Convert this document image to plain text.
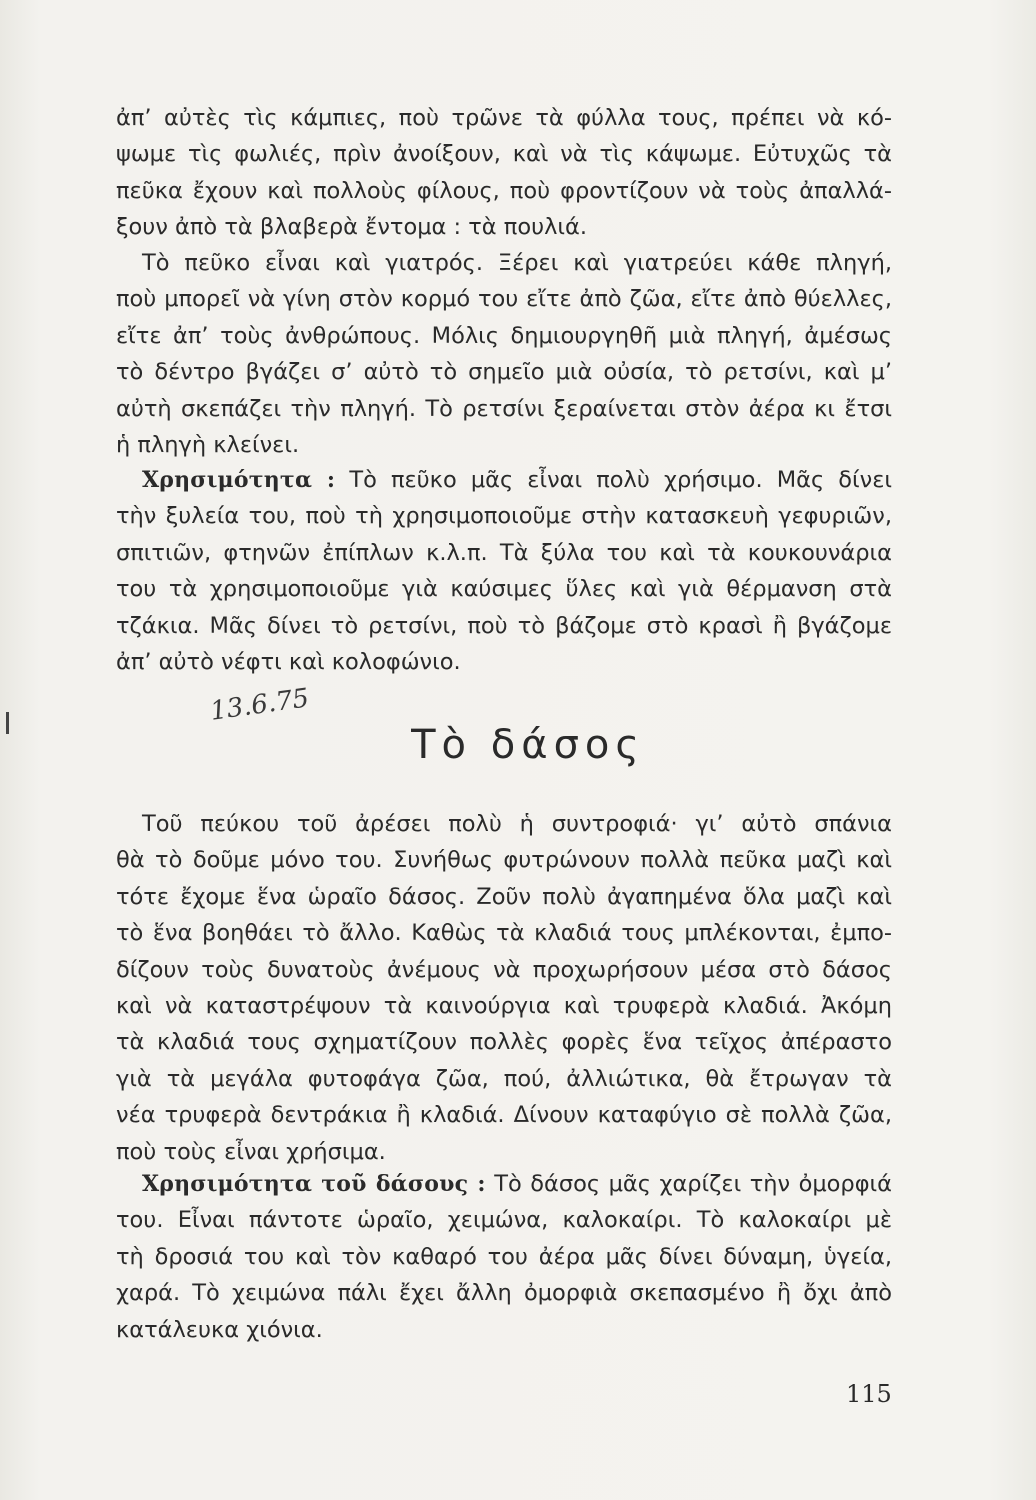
ἀπ’ αὐτὲς τὶς κάμπιες, ποὺ τρῶνε τὰ φύλλα τους, πρέπει νὰ κό-
ψωμε τὶς φωλιές, πρὶν ἀνοίξουν, καὶ νὰ τὶς κάψωμε. Εὐτυχῶς τὰ
πεῦκα ἔχουν καὶ πολλοὺς φίλους, ποὺ φροντίζουν νὰ τοὺς ἀπαλλά-
ξουν ἀπὸ τὰ βλαβερὰ ἔντομα : τὰ πουλιά.
Τὸ πεῦκο εἶναι καὶ γιατρός. Ξέρει καὶ γιατρεύει κάθε πληγή,
ποὺ μπορεῖ νὰ γίνη στὸν κορμό του εἴτε ἀπὸ ζῶα, εἴτε ἀπὸ θύελλες,
εἴτε ἀπ’ τοὺς ἀνθρώπους. Μόλις δημιουργηθῆ μιὰ πληγή, ἀμέσως
τὸ δέντρο βγάζει σ’ αὐτὸ τὸ σημεῖο μιὰ οὐσία, τὸ ρετσίνι, καὶ μ’
αὐτὴ σκεπάζει τὴν πληγή. Τὸ ρετσίνι ξεραίνεται στὸν ἀέρα κι ἔτσι
ἡ πληγὴ κλείνει.
Χρησιμότητα : Τὸ πεῦκο μᾶς εἶναι πολὺ χρήσιμο. Μᾶς δίνει
τὴν ξυλεία του, ποὺ τὴ χρησιμοποιοῦμε στὴν κατασκευὴ γεφυριῶν,
σπιτιῶν, φτηνῶν ἐπίπλων κ.λ.π. Τὰ ξύλα του καὶ τὰ κουκουνάρια
του τὰ χρησιμοποιοῦμε γιὰ καύσιμες ὕλες καὶ γιὰ θέρμανση στὰ
τζάκια. Μᾶς δίνει τὸ ρετσίνι, ποὺ τὸ βάζομε στὸ κρασὶ ἢ βγάζομε
ἀπ’ αὐτὸ νέφτι καὶ κολοφώνιο.
13.6.75
Τὸ δάσος
Τοῦ πεύκου τοῦ ἀρέσει πολὺ ἡ συντροφιά· γι’ αὐτὸ σπάνια
θὰ τὸ δοῦμε μόνο του. Συνήθως φυτρώνουν πολλὰ πεῦκα μαζὶ καὶ
τότε ἔχομε ἕνα ὡραῖο δάσος. Ζοῦν πολὺ ἀγαπημένα ὅλα μαζὶ καὶ
τὸ ἕνα βοηθάει τὸ ἄλλο. Καθὼς τὰ κλαδιά τους μπλέκονται, ἐμπο-
δίζουν τοὺς δυνατοὺς ἀνέμους νὰ προχωρήσουν μέσα στὸ δάσος
καὶ νὰ καταστρέψουν τὰ καινούργια καὶ τρυφερὰ κλαδιά. Ἀκόμη
τὰ κλαδιά τους σχηματίζουν πολλὲς φορὲς ἕνα τεῖχος ἀπέραστο
γιὰ τὰ μεγάλα φυτοφάγα ζῶα, πού, ἀλλιώτικα, θὰ ἔτρωγαν τὰ
νέα τρυφερὰ δεντράκια ἢ κλαδιά. Δίνουν καταφύγιο σὲ πολλὰ ζῶα,
ποὺ τοὺς εἶναι χρήσιμα.
Χρησιμότητα τοῦ δάσους : Τὸ δάσος μᾶς χαρίζει τὴν ὀμορφιά
του. Εἶναι πάντοτε ὡραῖο, χειμώνα, καλοκαίρι. Τὸ καλοκαίρι μὲ
τὴ δροσιά του καὶ τὸν καθαρό του ἀέρα μᾶς δίνει δύναμη, ὑγεία,
χαρά. Τὸ χειμώνα πάλι ἔχει ἄλλη ὀμορφιὰ σκεπασμένο ἢ ὄχι ἀπὸ
κατάλευκα χιόνια.
115
